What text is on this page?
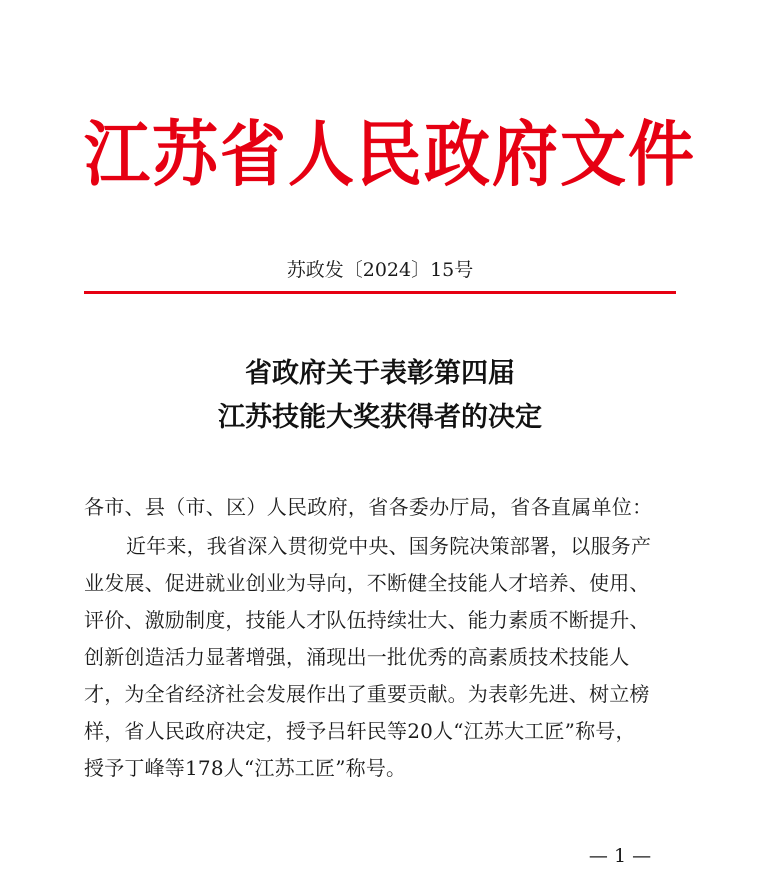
江苏省人民政府文件
苏政发〔2024〕15号
省政府关于表彰第四届
江苏技能大奖获得者的决定
各市、县（市、区）人民政府，省各委办厅局，省各直属单位：
近年来，我省深入贯彻党中央、国务院决策部署，以服务产
业发展、促进就业创业为导向，不断健全技能人才培养、使用、
评价、激励制度，技能人才队伍持续壮大、能力素质不断提升、
创新创造活力显著增强，涌现出一批优秀的高素质技术技能人
才，为全省经济社会发展作出了重要贡献。为表彰先进、树立榜
样，省人民政府决定，授予吕轩民等20人“江苏大工匠”称号，
授予丁峰等178人“江苏工匠”称号。
— 1 —
